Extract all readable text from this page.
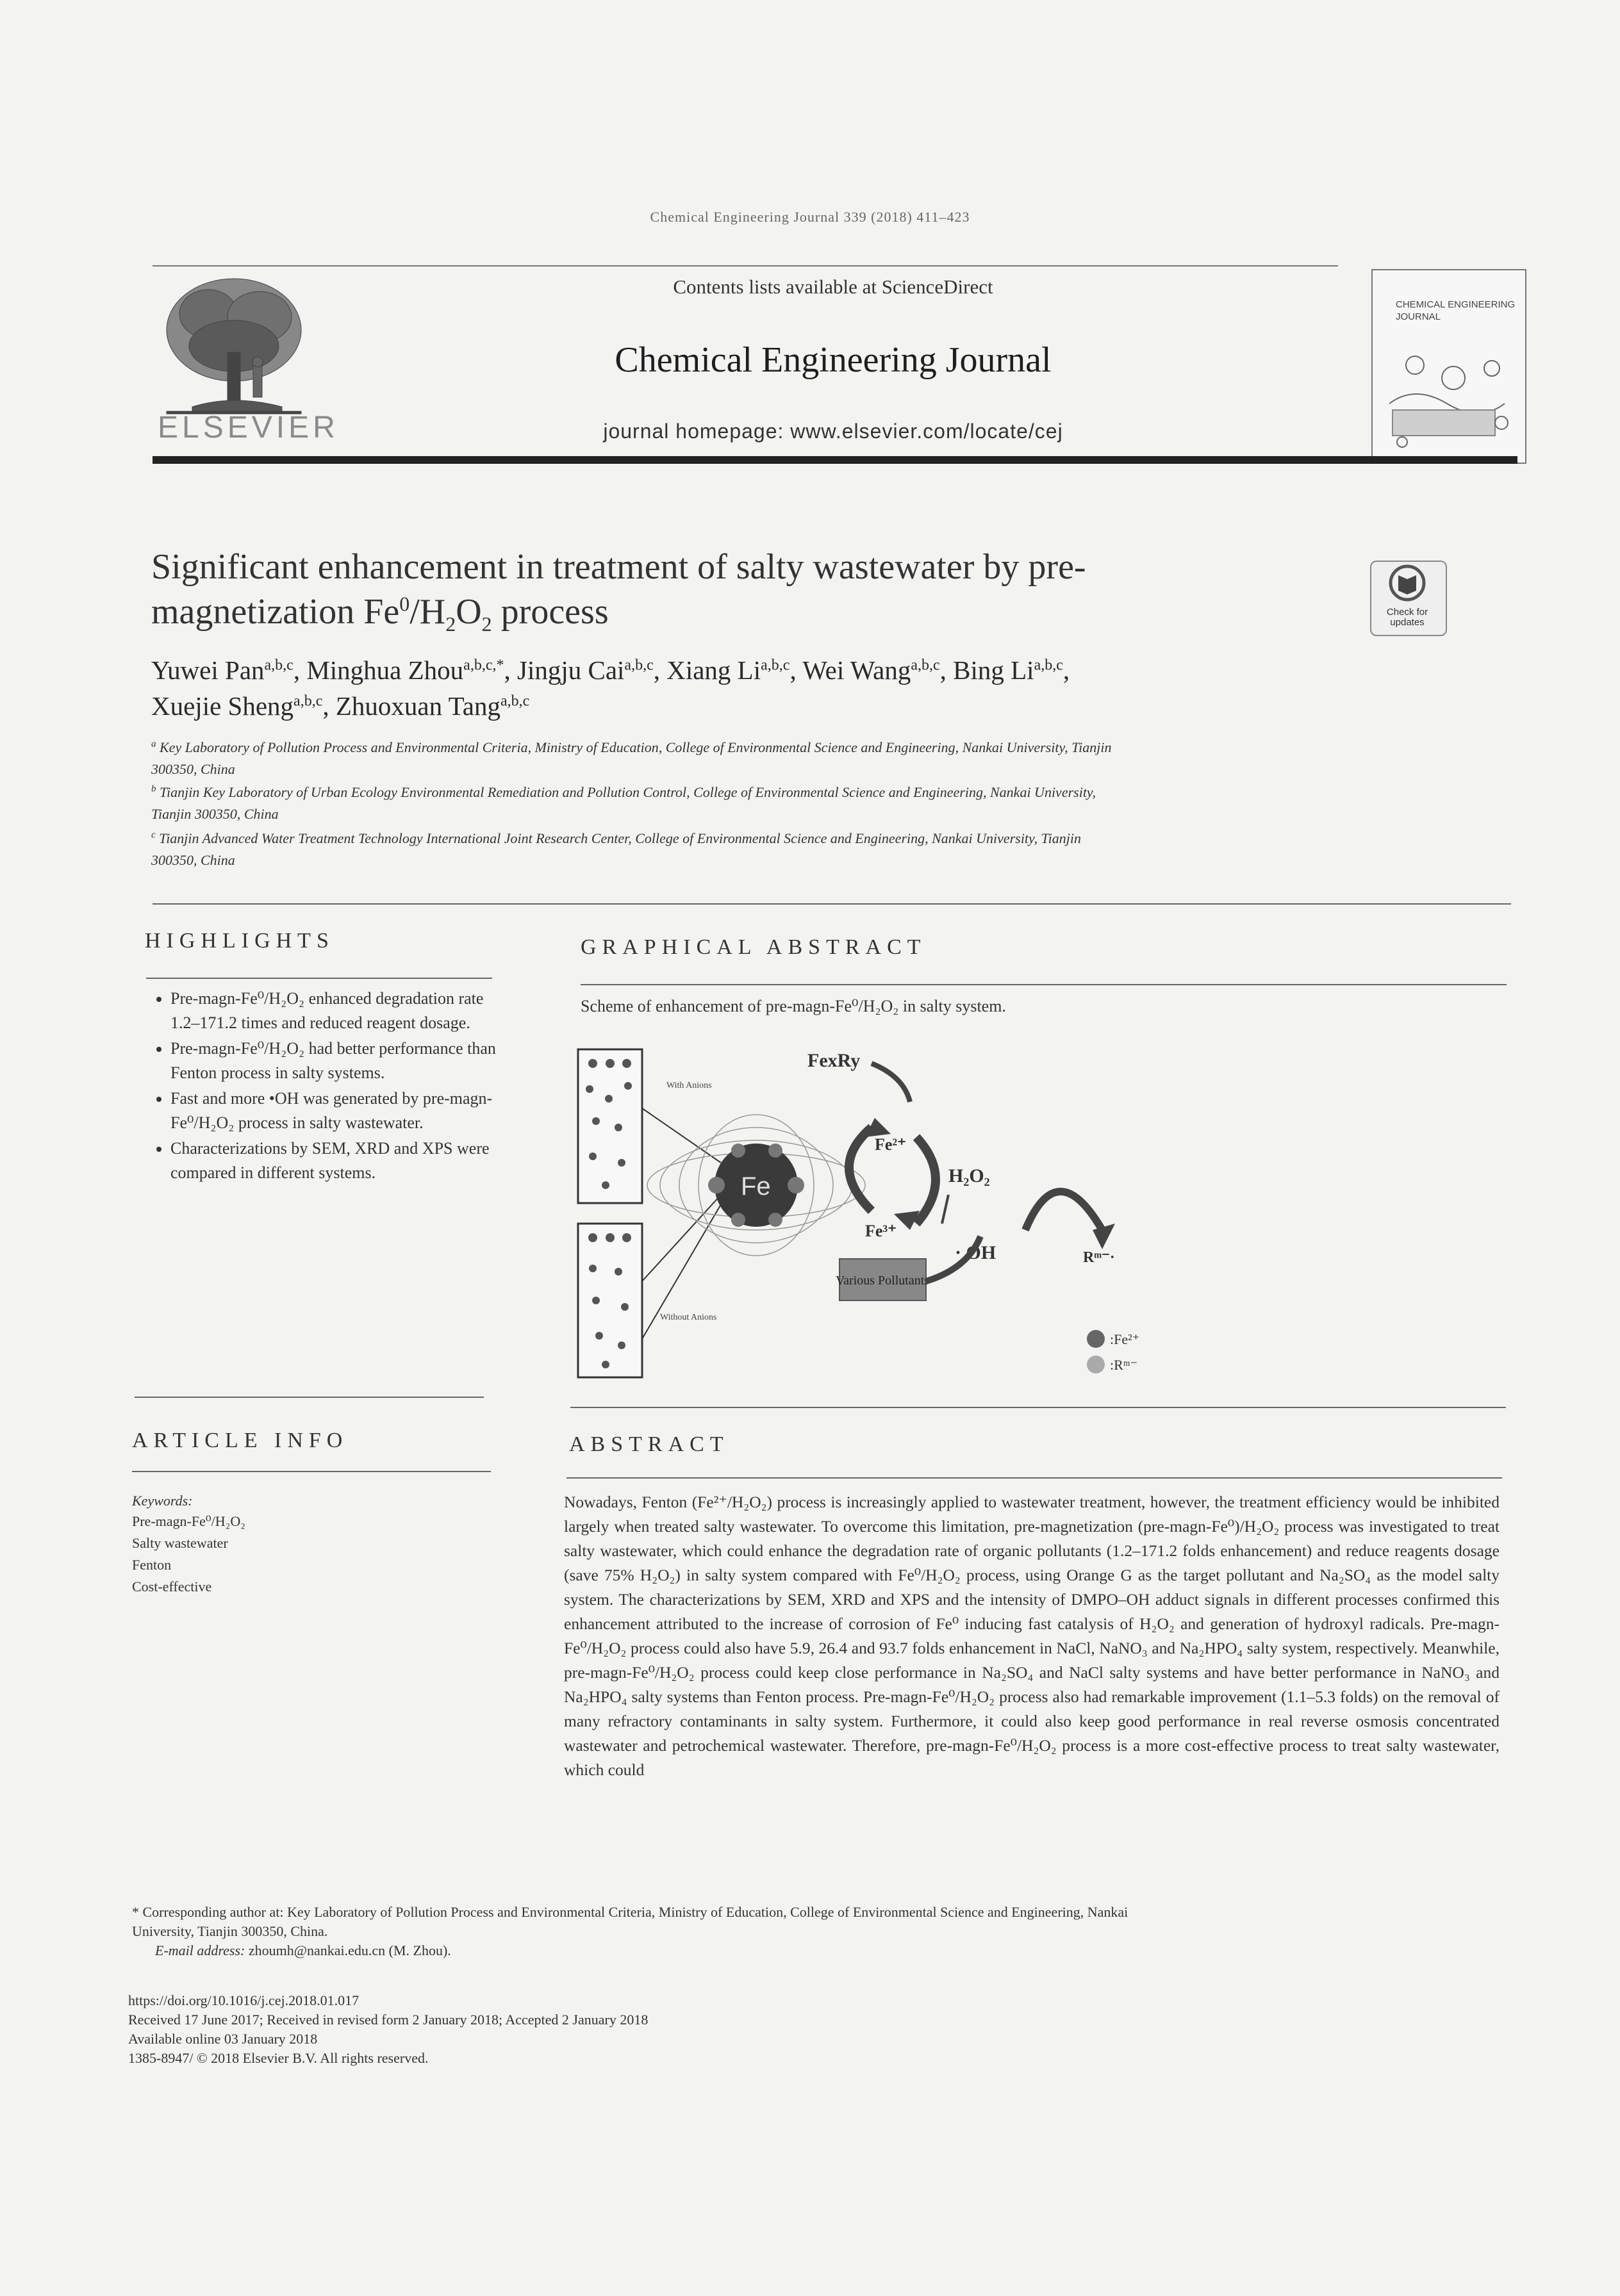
Chemical Engineering Journal 339 (2018) 411–423
ELSEVIER
Contents lists available at ScienceDirect
Chemical Engineering Journal
journal homepage: www.elsevier.com/locate/cej
CHEMICAL ENGINEERING JOURNAL
Significant enhancement in treatment of salty wastewater by pre-
magnetization $Fe^0/H_2O_2$ process	Check for updates
Yuwei Pan$^{a,b,c}$, Minghua Zhou$^{a,b,c,*}$, Jingju Cai$^{a,b,c}$, Xiang Li$^{a,b,c}$, Wei Wang$^{a,b,c}$, Bing Li$^{a,b,c}$,
Xuejie Sheng$^{a,b,c}$, Zhuoxuan Tang$^{a,b,c}$
$^a$ Key Laboratory of Pollution Process and Environmental Criteria, Ministry of Education, College of Environmental Science and Engineering, Nankai University, Tianjin
300350, China
$^b$ Tianjin Key Laboratory of Urban Ecology Environmental Remediation and Pollution Control, College of Environmental Science and Engineering, Nankai University,
Tianjin 300350, China
$^c$ Tianjin Advanced Water Treatment Technology International Joint Research Center, College of Environmental Science and Engineering, Nankai University, Tianjin
300350, China
HIGHLIGHTS
• Pre-magn-Fe⁰/H₂O₂ enhanced degradation rate 1.2–171.2 times and reduced reagent dosage.
• Pre-magn-Fe⁰/H₂O₂ had better performance than Fenton process in salty systems.
• Fast and more •OH was generated by pre-magn-Fe⁰/H₂O₂ process in salty wastewater.
• Characterizations by SEM, XRD and XPS were compared in different systems.
GRAPHICAL ABSTRACT
Scheme of enhancement of pre-magn-Fe⁰/H₂O₂ in salty system.
With Anions
Without Anions
Fe
FexRy
Fe²⁺
Fe³⁺
H₂O₂
· OH	Rᵐ⁻·
Various Pollutants
:Fe²⁺
:Rᵐ⁻
ARTICLE INFO
Keywords:
Pre-magn-Fe⁰/H₂O₂
Salty wastewater
Fenton
Cost-effective
ABSTRACT
Nowadays, Fenton (Fe²⁺/H₂O₂) process is increasingly applied to wastewater treatment, however, the treatment efficiency would be inhibited largely when treated salty wastewater. To overcome this limitation, pre-magnetization (pre-magn-Fe⁰)/H₂O₂ process was investigated to treat salty wastewater, which could enhance the degradation rate of organic pollutants (1.2–171.2 folds enhancement) and reduce reagents dosage (save 75% H₂O₂) in salty system compared with Fe⁰/H₂O₂ process, using Orange G as the target pollutant and Na₂SO₄ as the model salty system. The characterizations by SEM, XRD and XPS and the intensity of DMPO–OH adduct signals in different processes confirmed this enhancement attributed to the increase of corrosion of Fe⁰ inducing fast catalysis of H₂O₂ and generation of hydroxyl radicals. Pre-magn-Fe⁰/H₂O₂ process could also have 5.9, 26.4 and 93.7 folds enhancement in NaCl, NaNO₃ and Na₂HPO₄ salty system, respectively. Meanwhile, pre-magn-Fe⁰/H₂O₂ process could keep close performance in Na₂SO₄ and NaCl salty systems and have better performance in NaNO₃ and Na₂HPO₄ salty systems than Fenton process. Pre-magn-Fe⁰/H₂O₂ process also had remarkable improvement (1.1–5.3 folds) on the removal of many refractory contaminants in salty system. Furthermore, it could also keep good performance in real reverse osmosis concentrated wastewater and petrochemical wastewater. Therefore, pre-magn-Fe⁰/H₂O₂ process is a more cost-effective process to treat salty wastewater, which could
* Corresponding author at: Key Laboratory of Pollution Process and Environmental Criteria, Ministry of Education, College of Environmental Science and Engineering, Nankai
University, Tianjin 300350, China.
E-mail address: zhoumh@nankai.edu.cn (M. Zhou).
https://doi.org/10.1016/j.cej.2018.01.017
Received 17 June 2017; Received in revised form 2 January 2018; Accepted 2 January 2018
Available online 03 January 2018
1385-8947/ © 2018 Elsevier B.V. All rights reserved.
